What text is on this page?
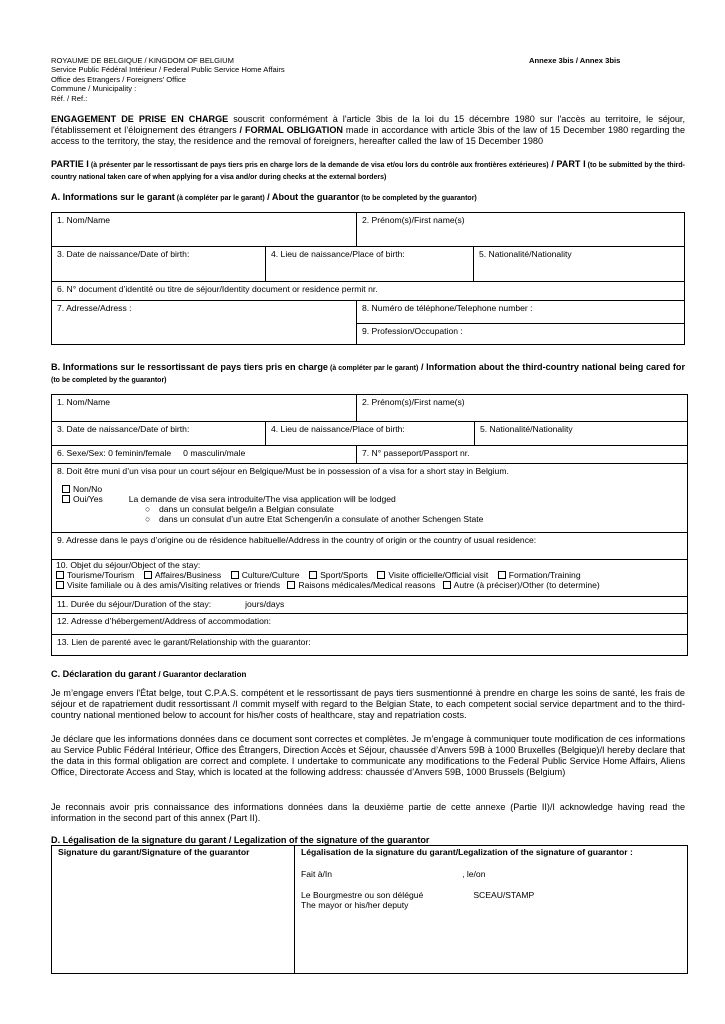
ROYAUME DE BELGIQUE / KINGDOM OF BELGIUM
Service Public Fédéral Intérieur / Federal Public Service Home Affairs
Office des Etrangers / Foreigners’ Office
Commune / Municipality :
Réf. / Ref.:
Annexe 3bis / Annex 3bis
ENGAGEMENT DE PRISE EN CHARGE souscrit conformément à l'article 3bis de la loi du 15 décembre 1980 sur l'accès au territoire, le séjour, l'établissement et l’éloignement des étrangers / FORMAL OBLIGATION made in accordance with article 3bis of the law of 15 December 1980 regarding the access to the territory, the stay, the residence and the removal of foreigners, hereafter called the law of 15 December 1980
PARTIE I (à présenter par le ressortissant de pays tiers pris en charge lors de la demande de visa et/ou lors du contrôle aux frontières extérieures) / PART I (to be submitted by the third-country national taken care of when applying for a visa and/or during checks at the external borders)
A. Informations sur le garant (à compléter par le garant) / About the guarantor (to be completed by the guarantor)
1. Nom/Name	2. Prénom(s)/First name(s)
3. Date de naissance/Date of birth:	4. Lieu de naissance/Place of birth:	5. Nationalité/Nationality
6. N° document d’identité ou titre de séjour/Identity document or residence permit nr.
7. Adresse/Adress :	8. Numéro de téléphone/Telephone number :
9. Profession/Occupation :
B. Informations sur le ressortissant de pays tiers pris en charge (à compléter par le garant) / Information about the third-country national being cared for (to be completed by the guarantor)
1. Nom/Name	2. Prénom(s)/First name(s)
3. Date de naissance/Date of birth:	4. Lieu de naissance/Place of birth:	5. Nationalité/Nationality
6. Sexe/Sex: 0 feminin/female 0 masculin/male	7. N° passeport/Passport nr.
8. Doit être muni d’un visa pour un court séjour en Belgique/Must be in possession of a visa for a short stay in Belgium.
Non/No
Oui/Yes	La demande de visa sera introduite/The visa application will be lodged
○ dans un consulat belge/in a Belgian consulate
○ dans un consulat d’un autre Etat Schengen/in a consulate of another Schengen State
9. Adresse dans le pays d’origine ou de résidence habituelle/Address in the country of origin or the country of usual residence:
10. Objet du séjour/Object of the stay:
Tourisme/Tourism Affaires/Business Culture/Culture Sport/Sports Visite officielle/Official visit Formation/Training
Visite familiale ou à des amis/Visiting relatives or friends Raisons médicales/Medical reasons Autre (à préciser)/Other (to determine)
11. Durée du séjour/Duration of the stay:	jours/days
12. Adresse d’hébergement/Address of accommodation:
13. Lien de parenté avec le garant/Relationship with the guarantor:
C. Déclaration du garant / Guarantor declaration
Je m’engage envers l'État belge, tout C.P.A.S. compétent et le ressortissant de pays tiers susmentionné à prendre en charge les soins de santé, les frais de séjour et de rapatriement dudit ressortissant /I commit myself with regard to the Belgian State, to each competent social service department and to the third-country national mentioned below to account for his/her costs of healthcare, stay and repatriation costs.
Je déclare que les informations données dans ce document sont correctes et complètes. Je m’engage à communiquer toute modification de ces informations au Service Public Fédéral Intérieur, Office des Étrangers, Direction Accès et Séjour, chaussée d’Anvers 59B à 1000 Bruxelles (Belgique)/I hereby declare that the data in this formal obligation are correct and complete. I undertake to communicate any modifications to the Federal Public Service Home Affairs, Aliens Office, Directorate Access and Stay, which is located at the following address: chaussée d’Anvers 59B, 1000 Brussels (Belgium)
Je reconnais avoir pris connaissance des informations données dans la deuxième partie de cette annexe (Partie II)/I acknowledge having read the information in the second part of this annex (Part II).
D. Légalisation de la signature du garant / Legalization of the signature of the guarantor
Signature du garant/Signature of the guarantor	Légalisation de la signature du garant/Legalization of the signature of guarantor :
Fait à/In	, le/on
Le Bourgmestre ou son délégué	SCEAU/STAMP
The mayor or his/her deputy
